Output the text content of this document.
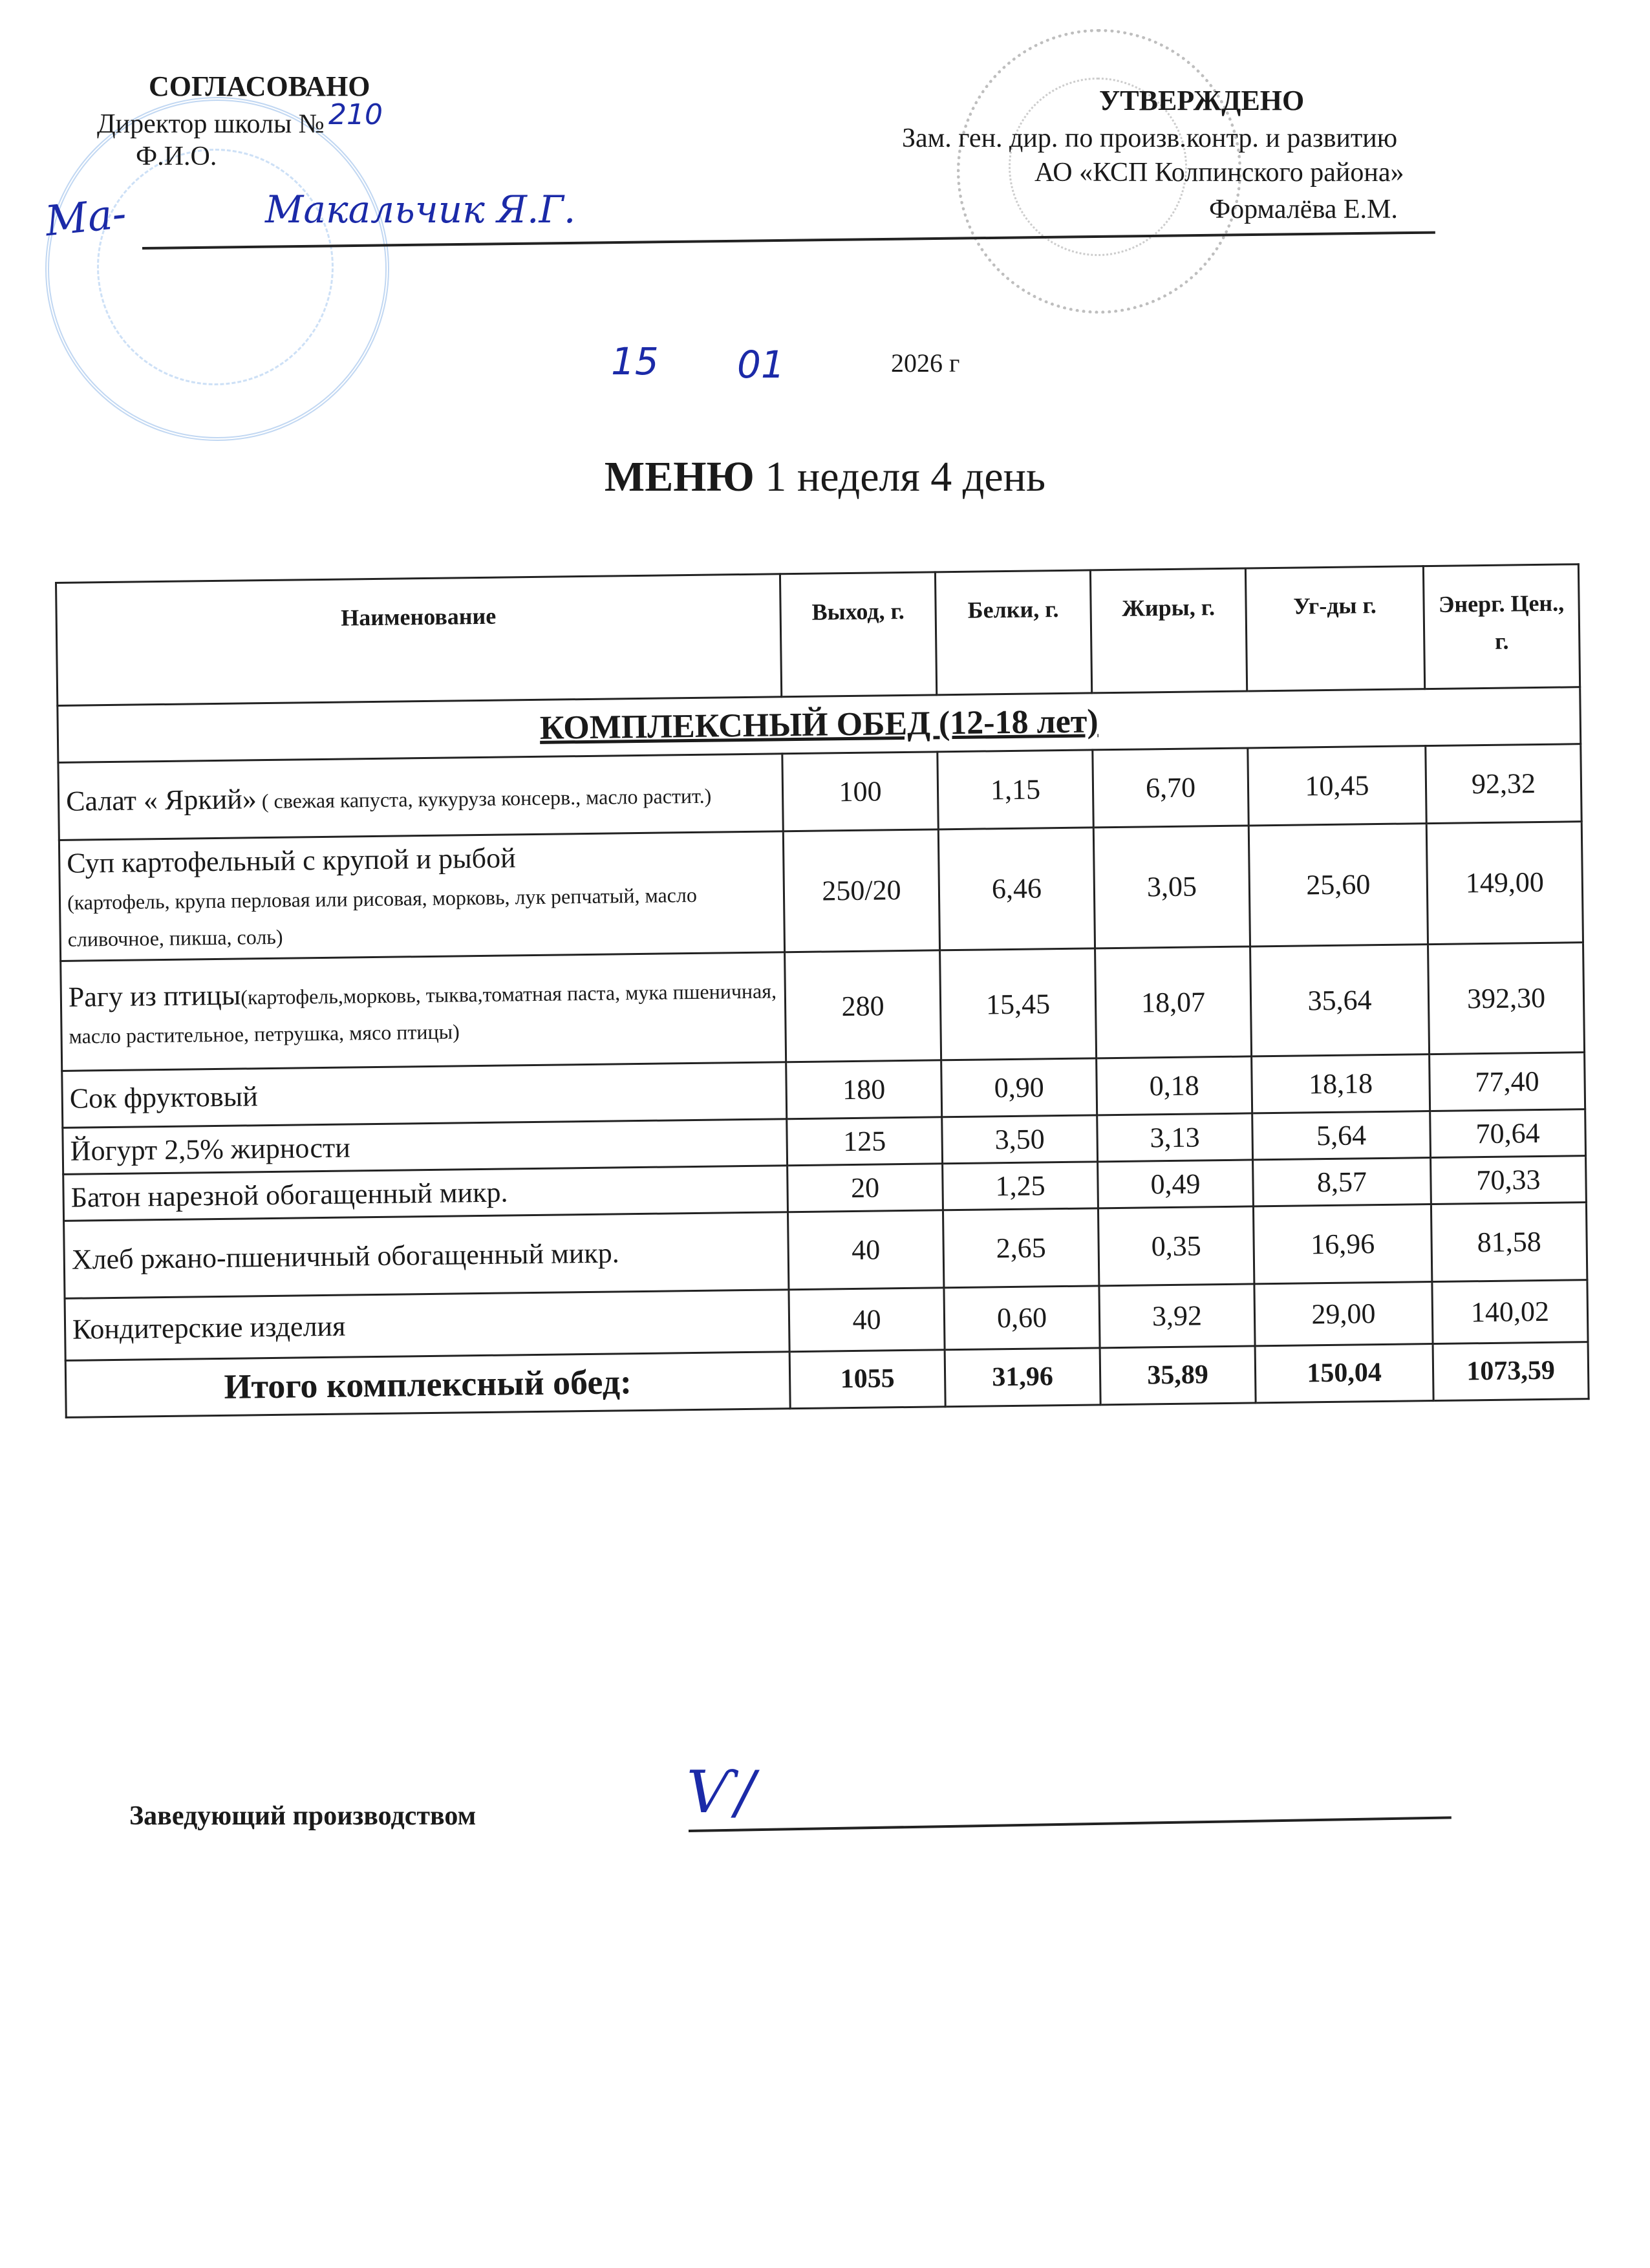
СОГЛАСОВАНО
Директор школы № 210
Ф.И.О.
Ма-	Макальчик Я.Г.
УТВЕРЖДЕНО
Зам. ген. дир. по произв.контр. и развитию
АО «КСП Колпинского района»
Формалёва Е.М.
15 01	2026 г
МЕНЮ 1 неделя 4 день
Наименование	Выход, г.	Белки, г.	Жиры, г.	Уг-ды г.	Энерг. Цен., г.
КОМПЛЕКСНЫЙ ОБЕД (12-18 лет)					
Салат « Яркий» ( свежая капуста, кукуруза консерв., масло растит.)	100	1,15	6,70	10,45	92,32
Суп картофельный с крупой и рыбой
(картофель, крупа перловая или рисовая, морковь, лук репчатый, масло сливочное, пикша, соль)	250/20	6,46	3,05	25,60	149,00
Рагу из птицы(картофель,морковь, тыква,томатная паста, мука пшеничная, масло растительное, петрушка, мясо птицы)	280	15,45	18,07	35,64	392,30
Сок фруктовый	180	0,90	0,18	18,18	77,40
Йогурт 2,5% жирности	125	3,50	3,13	5,64	70,64
Батон нарезной обогащенный микр.	20	1,25	0,49	8,57	70,33
Хлеб ржано-пшеничный обогащенный микр.	40	2,65	0,35	16,96	81,58
Кондитерские изделия	40	0,60	3,92	29,00	140,02
Итого комплексный обед:	1055	31,96	35,89	150,04	1073,59
Заведующий производством	Ѵ/
